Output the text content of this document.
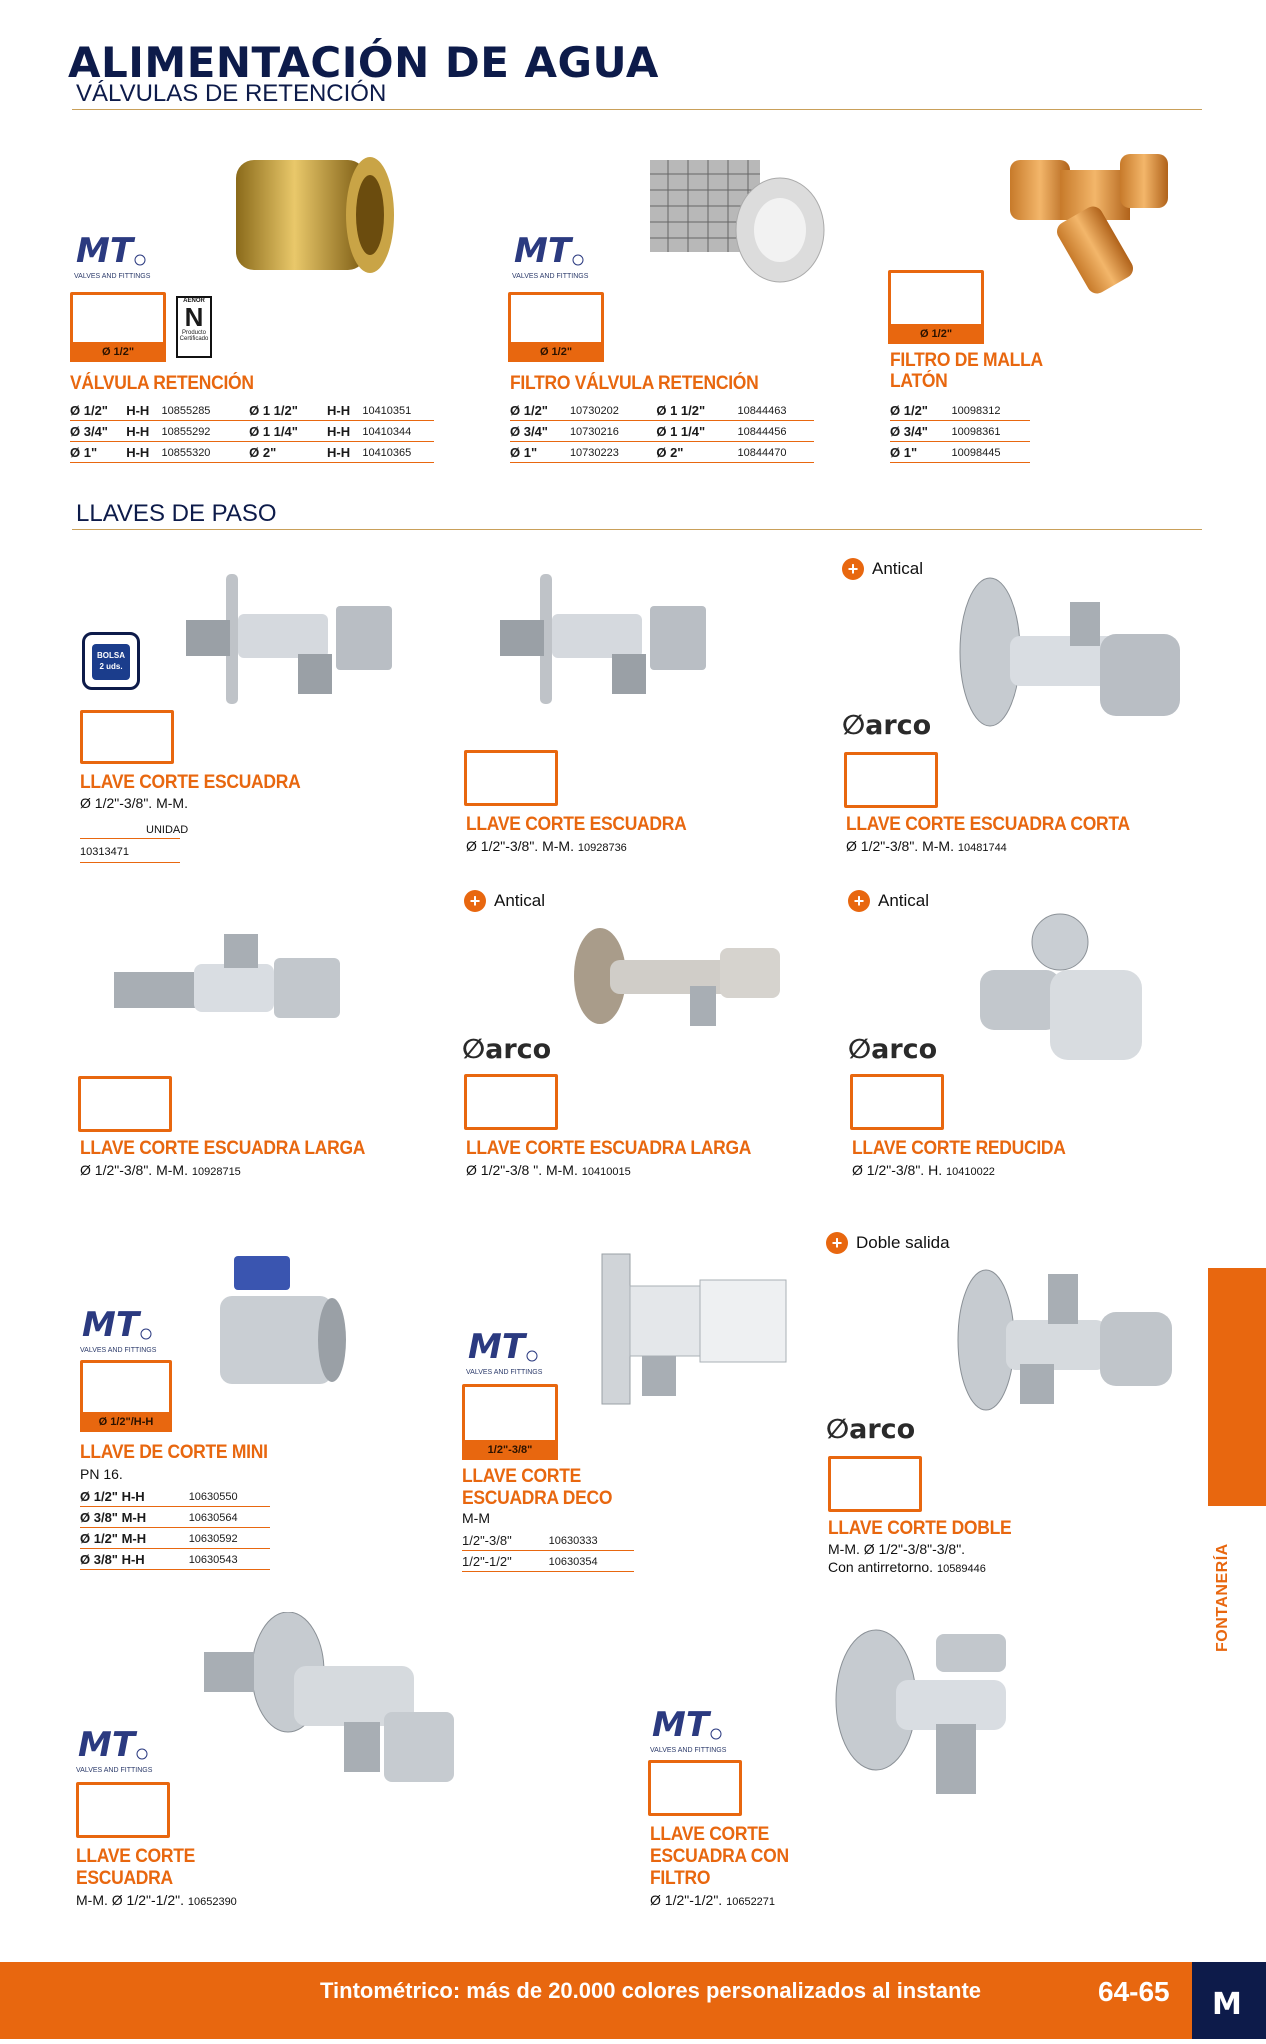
ALIMENTACIÓN DE AGUA
VÁLVULAS DE RETENCIÓN
MT
VALVES AND FITTINGS
Ø 1/2"
AENOR
N
Producto Certificado
VÁLVULA RETENCIÓN
Ø 1/2"	H-H	10855285	Ø 1 1/2"	H-H	10410351
Ø 3/4"	H-H	10855292	Ø 1 1/4"	H-H	10410344
Ø 1"	H-H	10855320	Ø 2"	H-H	10410365
MT
VALVES AND FITTINGS
Ø 1/2"
FILTRO VÁLVULA RETENCIÓN
Ø 1/2"	10730202	Ø 1 1/2"	10844463
Ø 3/4"	10730216	Ø 1 1/4"	10844456
Ø 1"	10730223	Ø 2"	10844470
Ø 1/2"
FILTRO DE MALLA
LATÓN
Ø 1/2"	10098312
Ø 3/4"	10098361
Ø 1"	10098445
LLAVES DE PASO
BOLSA
2 uds.
LLAVE CORTE ESCUADRA
Ø 1/2"-3/8". M-M.
UNIDAD
10313471
LLAVE CORTE ESCUADRA
Ø 1/2"-3/8". M-M. 10928736
+ Antical
∅arco
LLAVE CORTE ESCUADRA CORTA
Ø 1/2"-3/8". M-M. 10481744
LLAVE CORTE ESCUADRA LARGA
Ø 1/2"-3/8". M-M. 10928715
+ Antical
∅arco
LLAVE CORTE ESCUADRA LARGA
Ø 1/2"-3/8 ". M-M. 10410015
+ Antical
∅arco
LLAVE CORTE REDUCIDA
Ø 1/2"-3/8". H. 10410022
MT
VALVES AND FITTINGS
Ø 1/2"/H-H
LLAVE DE CORTE MINI
PN 16.
Ø 1/2" H-H	10630550
Ø 3/8" M-H	10630564
Ø 1/2" M-H	10630592
Ø 3/8" H-H	10630543
MT
VALVES AND FITTINGS
1/2"-3/8"
LLAVE CORTE
ESCUADRA DECO
M-M
1/2"-3/8"	10630333
1/2"-1/2"	10630354
+ Doble salida
∅arco
LLAVE CORTE DOBLE
M-M. Ø 1/2"-3/8"-3/8".
Con antirretorno. 10589446
MT
VALVES AND FITTINGS
LLAVE CORTE
ESCUADRA
M-M. Ø 1/2"-1/2". 10652390
MT
VALVES AND FITTINGS
LLAVE CORTE
ESCUADRA CON
FILTRO
Ø 1/2"-1/2". 10652271
FONTANERÍA
Tintométrico: más de 20.000 colores personalizados al instante	64-65 M
